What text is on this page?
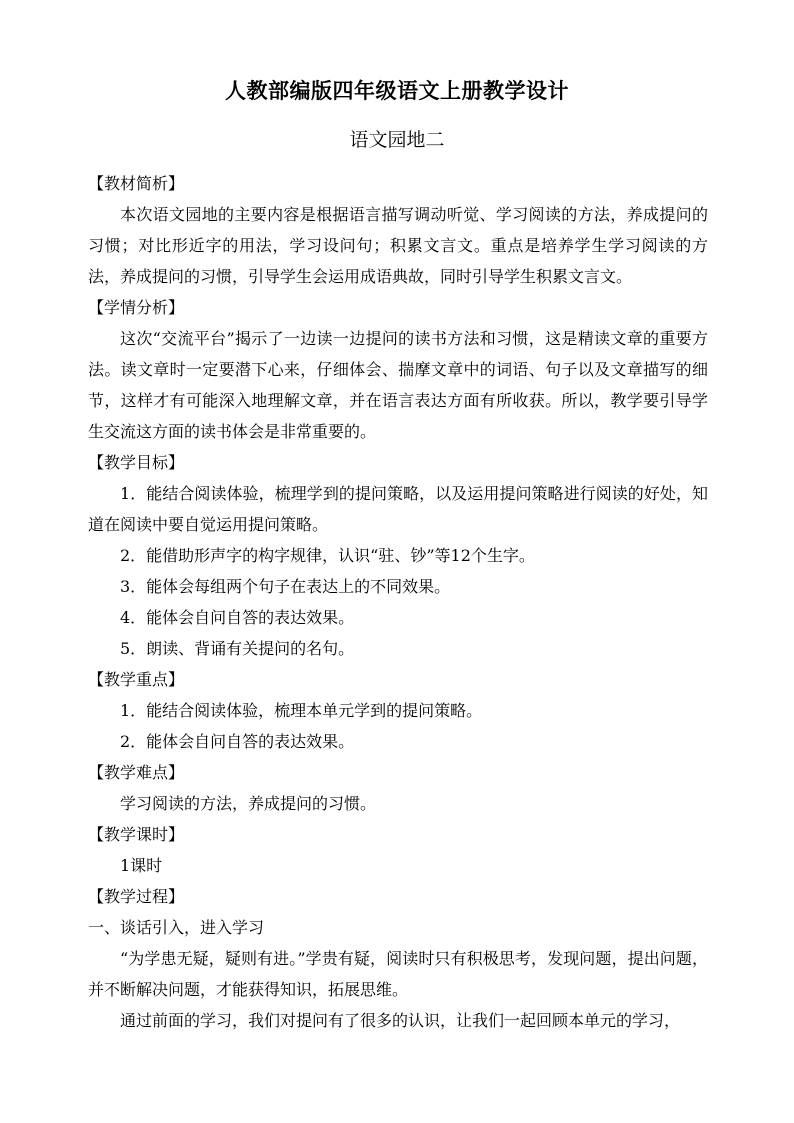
人教部编版四年级语文上册教学设计
语文园地二

【教材简析】

本次语文园地的主要内容是根据语言描写调动听觉、学习阅读的方法，养成提问的习惯；对比形近字的用法，学习设问句；积累文言文。重点是培养学生学习阅读的方法，养成提问的习惯，引导学生会运用成语典故，同时引导学生积累文言文。

【学情分析】

这次“交流平台”揭示了一边读一边提问的读书方法和习惯，这是精读文章的重要方法。读文章时一定要潜下心来，仔细体会、揣摩文章中的词语、句子以及文章描写的细节，这样才有可能深入地理解文章，并在语言表达方面有所收获。所以，教学要引导学生交流这方面的读书体会是非常重要的。

【教学目标】

1．能结合阅读体验，梳理学到的提问策略，以及运用提问策略进行阅读的好处，知道在阅读中要自觉运用提问策略。

2．能借助形声字的构字规律，认识“驻、钞”等12个生字。

3．能体会每组两个句子在表达上的不同效果。

4．能体会自问自答的表达效果。

5．朗读、背诵有关提问的名句。

【教学重点】

1．能结合阅读体验，梳理本单元学到的提问策略。

2．能体会自问自答的表达效果。

【教学难点】

学习阅读的方法，养成提问的习惯。

【教学课时】

1课时

【教学过程】

一、谈话引入，进入学习

“为学患无疑，疑则有进。”学贵有疑，阅读时只有积极思考，发现问题，提出问题，并不断解决问题，才能获得知识，拓展思维。

通过前面的学习，我们对提问有了很多的认识，让我们一起回顾本单元的学习，
